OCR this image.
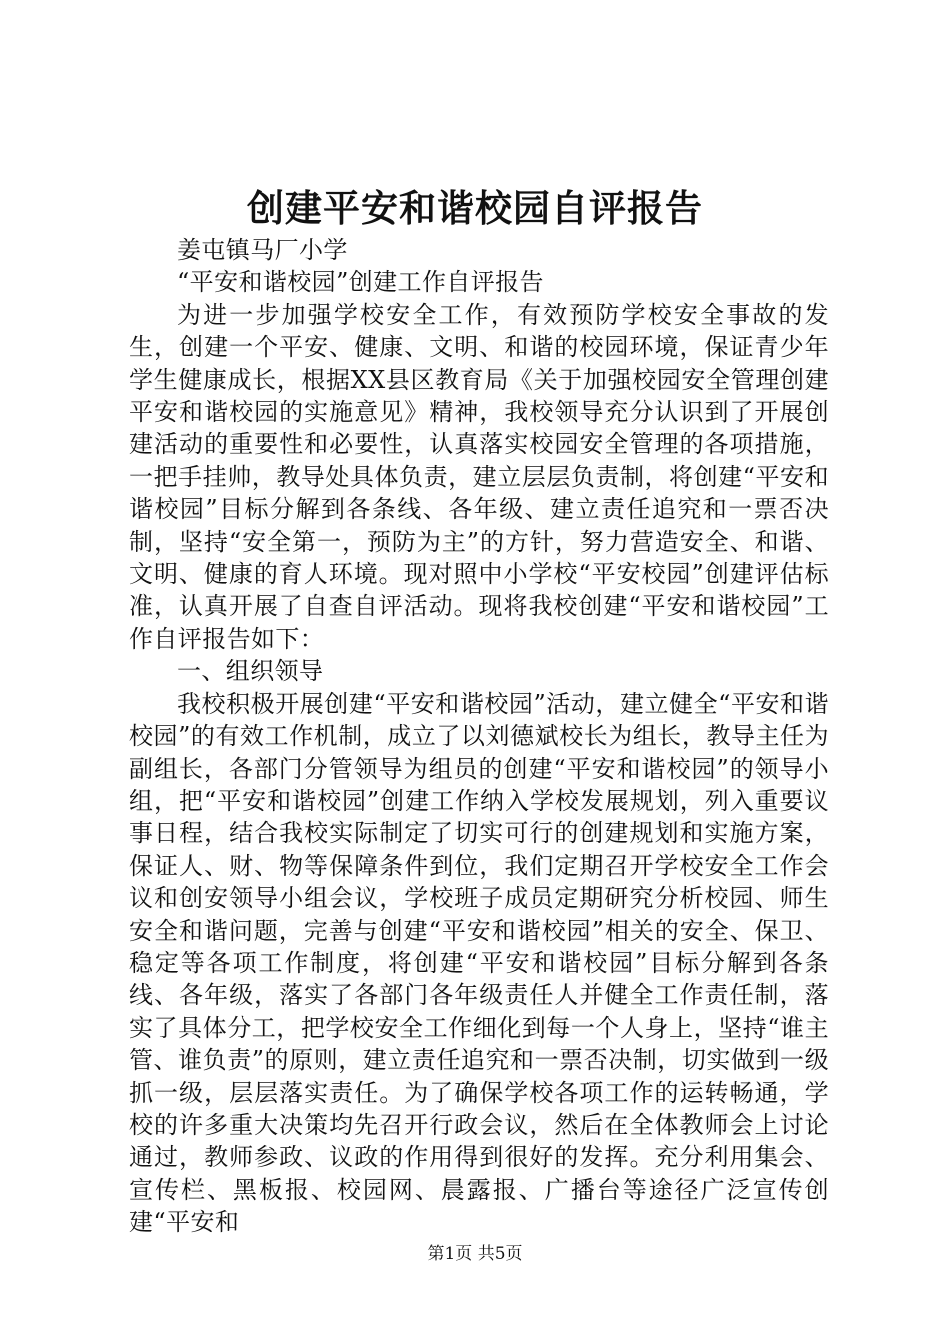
创建平安和谐校园自评报告

姜屯镇马厂小学

“平安和谐校园”创建工作自评报告

为进一步加强学校安全工作，有效预防学校安全事故的发生，创建一个平安、健康、文明、和谐的校园环境，保证青少年学生健康成长，根据XX县区教育局《关于加强校园安全管理创建平安和谐校园的实施意见》精神，我校领导充分认识到了开展创建活动的重要性和必要性，认真落实校园安全管理的各项措施，一把手挂帅，教导处具体负责，建立层层负责制，将创建“平安和谐校园”目标分解到各条线、各年级、建立责任追究和一票否决制，坚持“安全第一，预防为主”的方针，努力营造安全、和谐、文明、健康的育人环境。现对照中小学校“平安校园”创建评估标准，认真开展了自查自评活动。现将我校创建“平安和谐校园”工作自评报告如下：

一、组织领导

我校积极开展创建“平安和谐校园”活动，建立健全“平安和谐校园”的有效工作机制，成立了以刘德斌校长为组长，教导主任为副组长，各部门分管领导为组员的创建“平安和谐校园”的领导小组，把“平安和谐校园”创建工作纳入学校发展规划，列入重要议事日程，结合我校实际制定了切实可行的创建规划和实施方案，保证人、财、物等保障条件到位，我们定期召开学校安全工作会议和创安领导小组会议，学校班子成员定期研究分析校园、师生安全和谐问题，完善与创建“平安和谐校园”相关的安全、保卫、稳定等各项工作制度，将创建“平安和谐校园”目标分解到各条线、各年级，落实了各部门各年级责任人并健全工作责任制，落实了具体分工，把学校安全工作细化到每一个人身上，坚持“谁主管、谁负责”的原则，建立责任追究和一票否决制，切实做到一级抓一级，层层落实责任。为了确保学校各项工作的运转畅通，学校的许多重大决策均先召开行政会议，然后在全体教师会上讨论通过，教师参政、议政的作用得到很好的发挥。充分利用集会、宣传栏、黑板报、校园网、晨露报、广播台等途径广泛宣传创建“平安和

第1页 共5页
